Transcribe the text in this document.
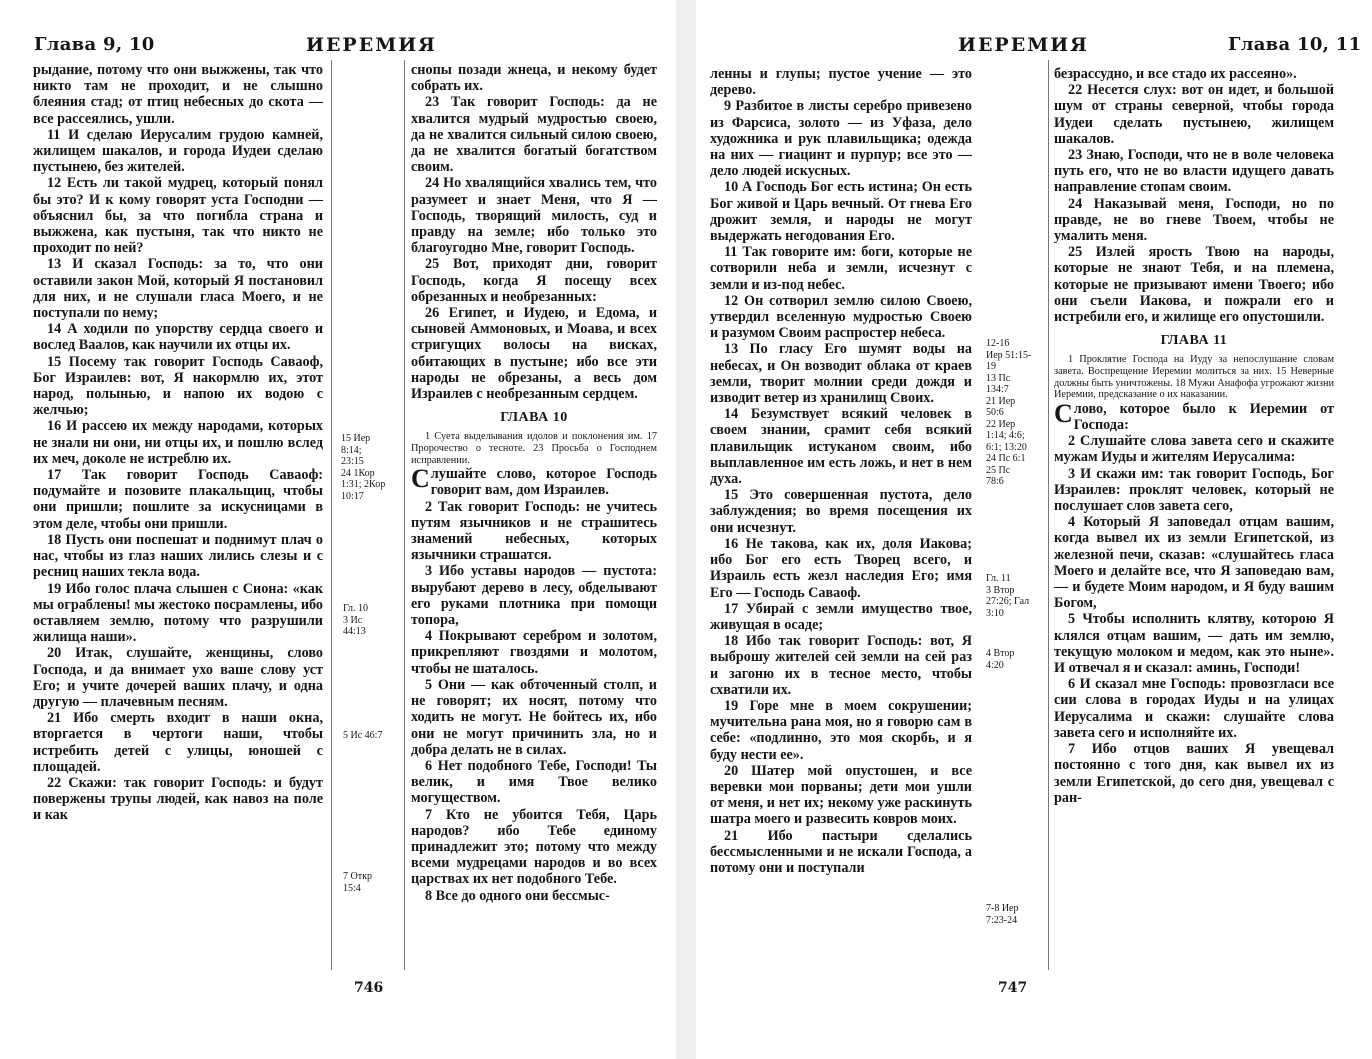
Глава 9, 10	ИЕРЕМИЯ

рыдание, потому что они выжжены, так что никто там не проходит, и не слышно блеяния стад; от птиц небесных до скота — все рассеялись, ушли.

11 И сделаю Иерусалим грудою камней, жилищем шакалов, и города Иудеи сделаю пустынею, без жителей.

12 Есть ли такой мудрец, который понял бы это? И к кому говорят уста Господни — объяснил бы, за что погибла страна и выжжена, как пустыня, так что никто не проходит по ней?

13 И сказал Господь: за то, что они оставили закон Мой, который Я постановил для них, и не слушали гласа Моего, и не поступали по нему;

14 А ходили по упорству сердца своего и вослед Ваалов, как научили их отцы их.

15 Посему так говорит Господь Саваоф, Бог Израилев: вот, Я накормлю их, этот народ, полынью, и напою их водою с желчью;

16 И рассею их между народами, которых не знали ни они, ни отцы их, и пошлю вслед их меч, доколе не истреблю их.

17 Так говорит Господь Саваоф: подумайте и позовите плакальщиц, чтобы они пришли; пошлите за искусницами в этом деле, чтобы они пришли.

18 Пусть они поспешат и поднимут плач о нас, чтобы из глаз наших лились слезы и с ресниц наших текла вода.

19 Ибо голос плача слышен с Сиона: «как мы ограблены! мы жестоко посрамлены, ибо оставляем землю, потому что разрушили жилища наши».

20 Итак, слушайте, женщины, слово Господа, и да внимает ухо ваше слову уст Его; и учите дочерей ваших плачу, и одна другую — плачевным песням.

21 Ибо смерть входит в наши окна, вторгается в чертоги наши, чтобы истребить детей с улицы, юношей с площадей.

22 Скажи: так говорит Господь: и будут повержены трупы людей, как навоз на поле и как

15 Иер
8:14;
23:15
24 1Кор
1:31; 2Кор
10:17
Гл. 10
3 Ис
44:13
5 Ис 46:7
7 Откр
15:4

снопы позади жнеца, и некому будет собрать их.

23 Так говорит Господь: да не хвалится мудрый мудростью своею, да не хвалится сильный силою своею, да не хвалится богатый богатством своим.

24 Но хвалящийся хвались тем, что разумеет и знает Меня, что Я — Господь, творящий милость, суд и правду на земле; ибо только это благоугодно Мне, говорит Господь.

25 Вот, приходят дни, говорит Господь, когда Я посещу всех обрезанных и необрезанных:

26 Египет, и Иудею, и Едома, и сыновей Аммоновых, и Моава, и всех стригущих волосы на висках, обитающих в пустыне; ибо все эти народы не обрезаны, а весь дом Израилев с необрезанным сердцем.

ГЛАВА 10

1 Суета выделывания идолов и поклонения им. 17 Пророчество о тесноте. 23 Просьба о Господнем исправлении.

Слушайте слово, которое Господь говорит вам, дом Израилев.

2 Так говорит Господь: не учитесь путям язычников и не страшитесь знамений небесных, которых язычники страшатся.

3 Ибо уставы народов — пустота: вырубают дерево в лесу, обделывают его руками плотника при помощи топора,

4 Покрывают серебром и золотом, прикрепляют гвоздями и молотом, чтобы не шаталось.

5 Они — как обточенный столп, и не говорят; их носят, потому что ходить не могут. Не бойтесь их, ибо они не могут причинить зла, но и добра делать не в силах.

6 Нет подобного Тебе, Господи! Ты велик, и имя Твое велико могуществом.

7 Кто не убоится Тебя, Царь народов? ибо Тебе единому принадлежит это; потому что между всеми мудрецами народов и во всех царствах их нет подобного Тебе.

8 Все до одного они бессмыс-

746
ИЕРЕМИЯ	Глава 10, 11

ленны и глупы; пустое учение — это дерево.

9 Разбитое в листы серебро привезено из Фарсиса, золото — из Уфаза, дело художника и рук плавильщика; одежда на них — гиацинт и пурпур; все это — дело людей искусных.

10 А Господь Бог есть истина; Он есть Бог живой и Царь вечный. От гнева Его дрожит земля, и народы не могут выдержать негодования Его.

11 Так говорите им: боги, которые не сотворили неба и земли, исчезнут с земли и из-под небес.

12 Он сотворил землю силою Своею, утвердил вселенную мудростью Своею и разумом Своим распростер небеса.

13 По гласу Его шумят воды на небесах, и Он возводит облака от краев земли, творит молнии среди дождя и изводит ветер из хранилищ Своих.

14 Безумствует всякий человек в своем знании, срамит себя всякий плавильщик истуканом своим, ибо выплавленное им есть ложь, и нет в нем духа.

15 Это совершенная пустота, дело заблуждения; во время посещения их они исчезнут.

16 Не такова, как их, доля Иакова; ибо Бог его есть Творец всего, и Израиль есть жезл наследия Его; имя Его — Господь Саваоф.

17 Убирай с земли имущество твое, живущая в осаде;

18 Ибо так говорит Господь: вот, Я выброшу жителей сей земли на сей раз и загоню их в тесное место, чтобы схватили их.

19 Горе мне в моем сокрушении; мучительна рана моя, но я говорю сам в себе: «подлинно, это моя скорбь, и я буду нести ее».

20 Шатер мой опустошен, и все веревки мои порваны; дети мои ушли от меня, и нет их; некому уже раскинуть шатра моего и развесить ковров моих.

21 Ибо пастыри сделались бессмысленными и не искали Господа, а потому они и поступали

12-16
Иер 51:15-
19
13 Пс
134:7
21 Иер
50:6
22 Иер
1:14; 4:6;
6:1; 13:20
24 Пс 6:1
25 Пс
78:6
Гл. 11
3 Втор
27:26; Гал
3:10
4 Втор
4:20
7-8 Иер
7:23-24

безрассудно, и все стадо их рассеяно».

22 Несется слух: вот он идет, и большой шум от страны северной, чтобы города Иудеи сделать пустынею, жилищем шакалов.

23 Знаю, Господи, что не в воле человека путь его, что не во власти идущего давать направление стопам своим.

24 Наказывай меня, Господи, но по правде, не во гневе Твоем, чтобы не умалить меня.

25 Излей ярость Твою на народы, которые не знают Тебя, и на племена, которые не призывают имени Твоего; ибо они съели Иакова, и пожрали его и истребили его, и жилище его опустошили.

ГЛАВА 11

1 Проклятие Господа на Иуду за непослушание словам завета. Воспрещение Иеремии молиться за них. 15 Неверные должны быть уничтожены. 18 Мужи Анафофа угрожают жизни Иеремии, предсказание о их наказании.

Слово, которое было к Иеремии от Господа:

2 Слушайте слова завета сего и скажите мужам Иуды и жителям Иерусалима:

3 И скажи им: так говорит Господь, Бог Израилев: проклят человек, который не послушает слов завета сего,

4 Который Я заповедал отцам вашим, когда вывел их из земли Египетской, из железной печи, сказав: «слушайтесь гласа Моего и делайте все, что Я заповедаю вам, — и будете Моим народом, и Я буду вашим Богом,

5 Чтобы исполнить клятву, которою Я клялся отцам вашим, — дать им землю, текущую молоком и медом, как это ныне». И отвечал я и сказал: аминь, Господи!

6 И сказал мне Господь: провозгласи все сии слова в городах Иуды и на улицах Иерусалима и скажи: слушайте слова завета сего и исполняйте их.

7 Ибо отцов ваших Я увещевал постоянно с того дня, как вывел их из земли Египетской, до сего дня, увещевал с ран-

747
